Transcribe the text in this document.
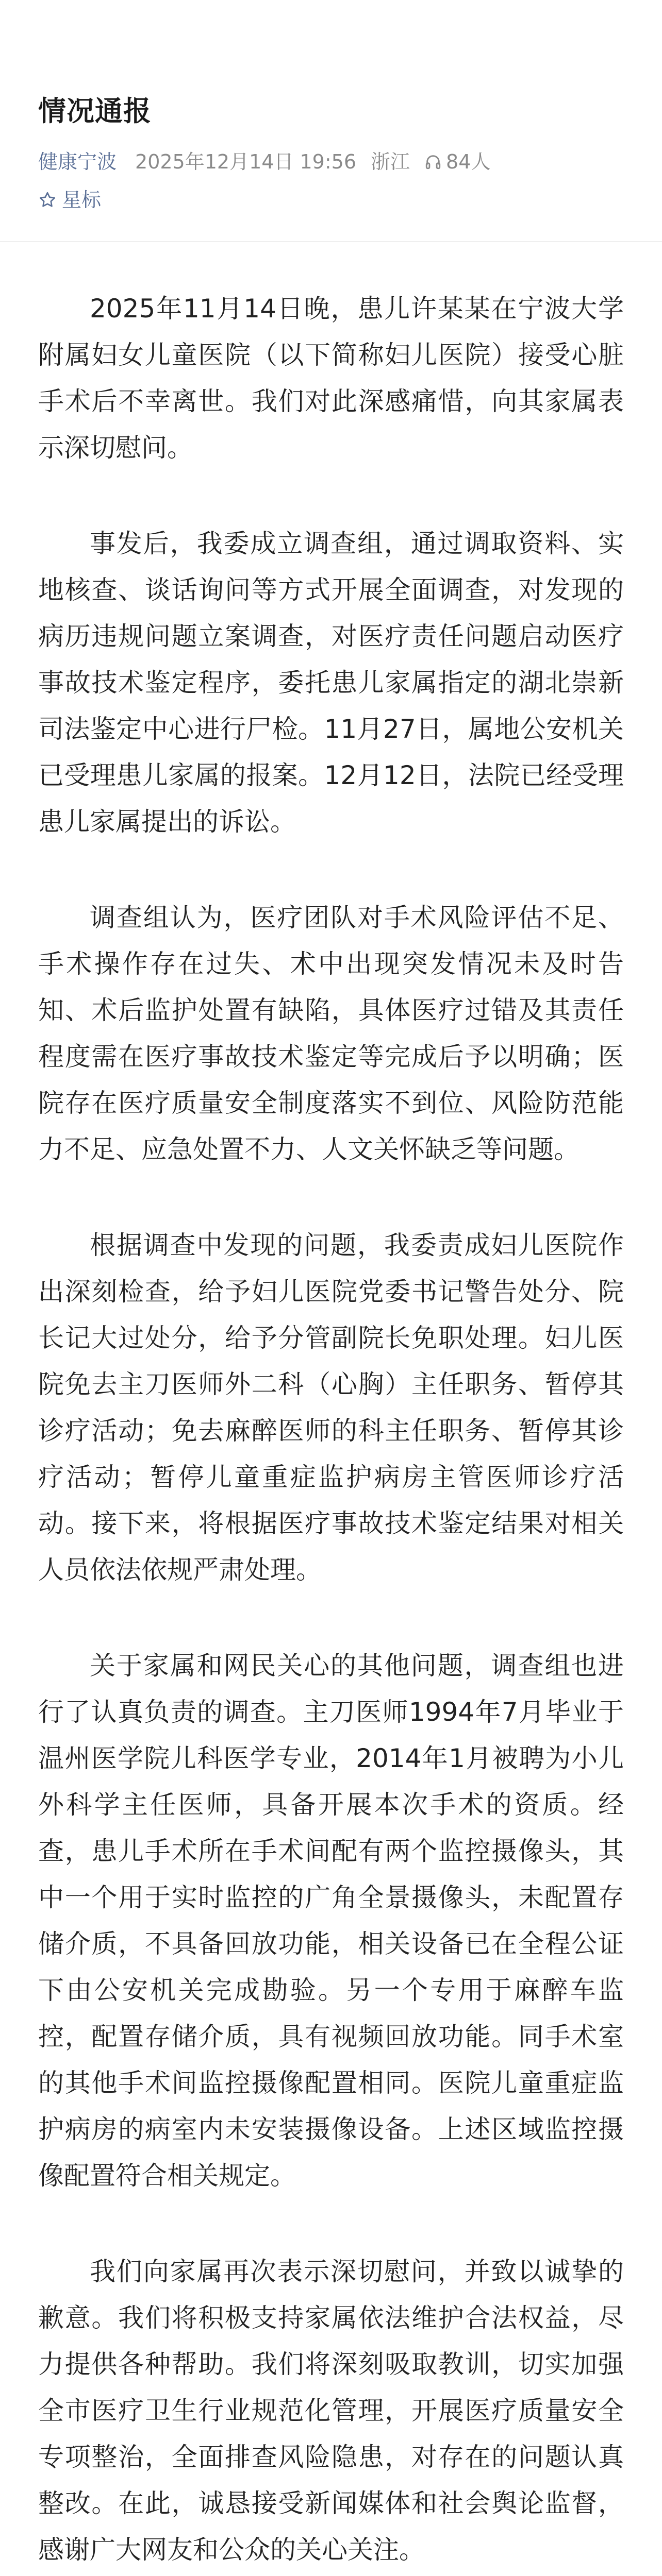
情况通报
健康宁波 2025年12月14日 19:56 浙江 84人
星标

2025年11月14日晚，患儿许某某在宁波大学附属妇女儿童医院（以下简称妇儿医院）接受心脏手术后不幸离世。我们对此深感痛惜，向其家属表示深切慰问。

事发后，我委成立调查组，通过调取资料、实地核查、谈话询问等方式开展全面调查，对发现的病历违规问题立案调查，对医疗责任问题启动医疗事故技术鉴定程序，委托患儿家属指定的湖北崇新司法鉴定中心进行尸检。11月27日，属地公安机关已受理患儿家属的报案。12月12日，法院已经受理患儿家属提出的诉讼。

调查组认为，医疗团队对手术风险评估不足、手术操作存在过失、术中出现突发情况未及时告知、术后监护处置有缺陷，具体医疗过错及其责任程度需在医疗事故技术鉴定等完成后予以明确；医院存在医疗质量安全制度落实不到位、风险防范能力不足、应急处置不力、人文关怀缺乏等问题。

根据调查中发现的问题，我委责成妇儿医院作出深刻检查，给予妇儿医院党委书记警告处分、院长记大过处分，给予分管副院长免职处理。妇儿医院免去主刀医师外二科（心胸）主任职务、暂停其诊疗活动；免去麻醉医师的科主任职务、暂停其诊疗活动；暂停儿童重症监护病房主管医师诊疗活动。接下来，将根据医疗事故技术鉴定结果对相关人员依法依规严肃处理。

关于家属和网民关心的其他问题，调查组也进行了认真负责的调查。主刀医师1994年7月毕业于温州医学院儿科医学专业，2014年1月被聘为小儿外科学主任医师，具备开展本次手术的资质。经查，患儿手术所在手术间配有两个监控摄像头，其中一个用于实时监控的广角全景摄像头，未配置存储介质，不具备回放功能，相关设备已在全程公证下由公安机关完成勘验。另一个专用于麻醉车监控，配置存储介质，具有视频回放功能。同手术室的其他手术间监控摄像配置相同。医院儿童重症监护病房的病室内未安装摄像设备。上述区域监控摄像配置符合相关规定。

我们向家属再次表示深切慰问，并致以诚挚的歉意。我们将积极支持家属依法维护合法权益，尽力提供各种帮助。我们将深刻吸取教训，切实加强全市医疗卫生行业规范化管理，开展医疗质量安全专项整治，全面排查风险隐患，对存在的问题认真整改。在此，诚恳接受新闻媒体和社会舆论监督，感谢广大网友和公众的关心关注。
